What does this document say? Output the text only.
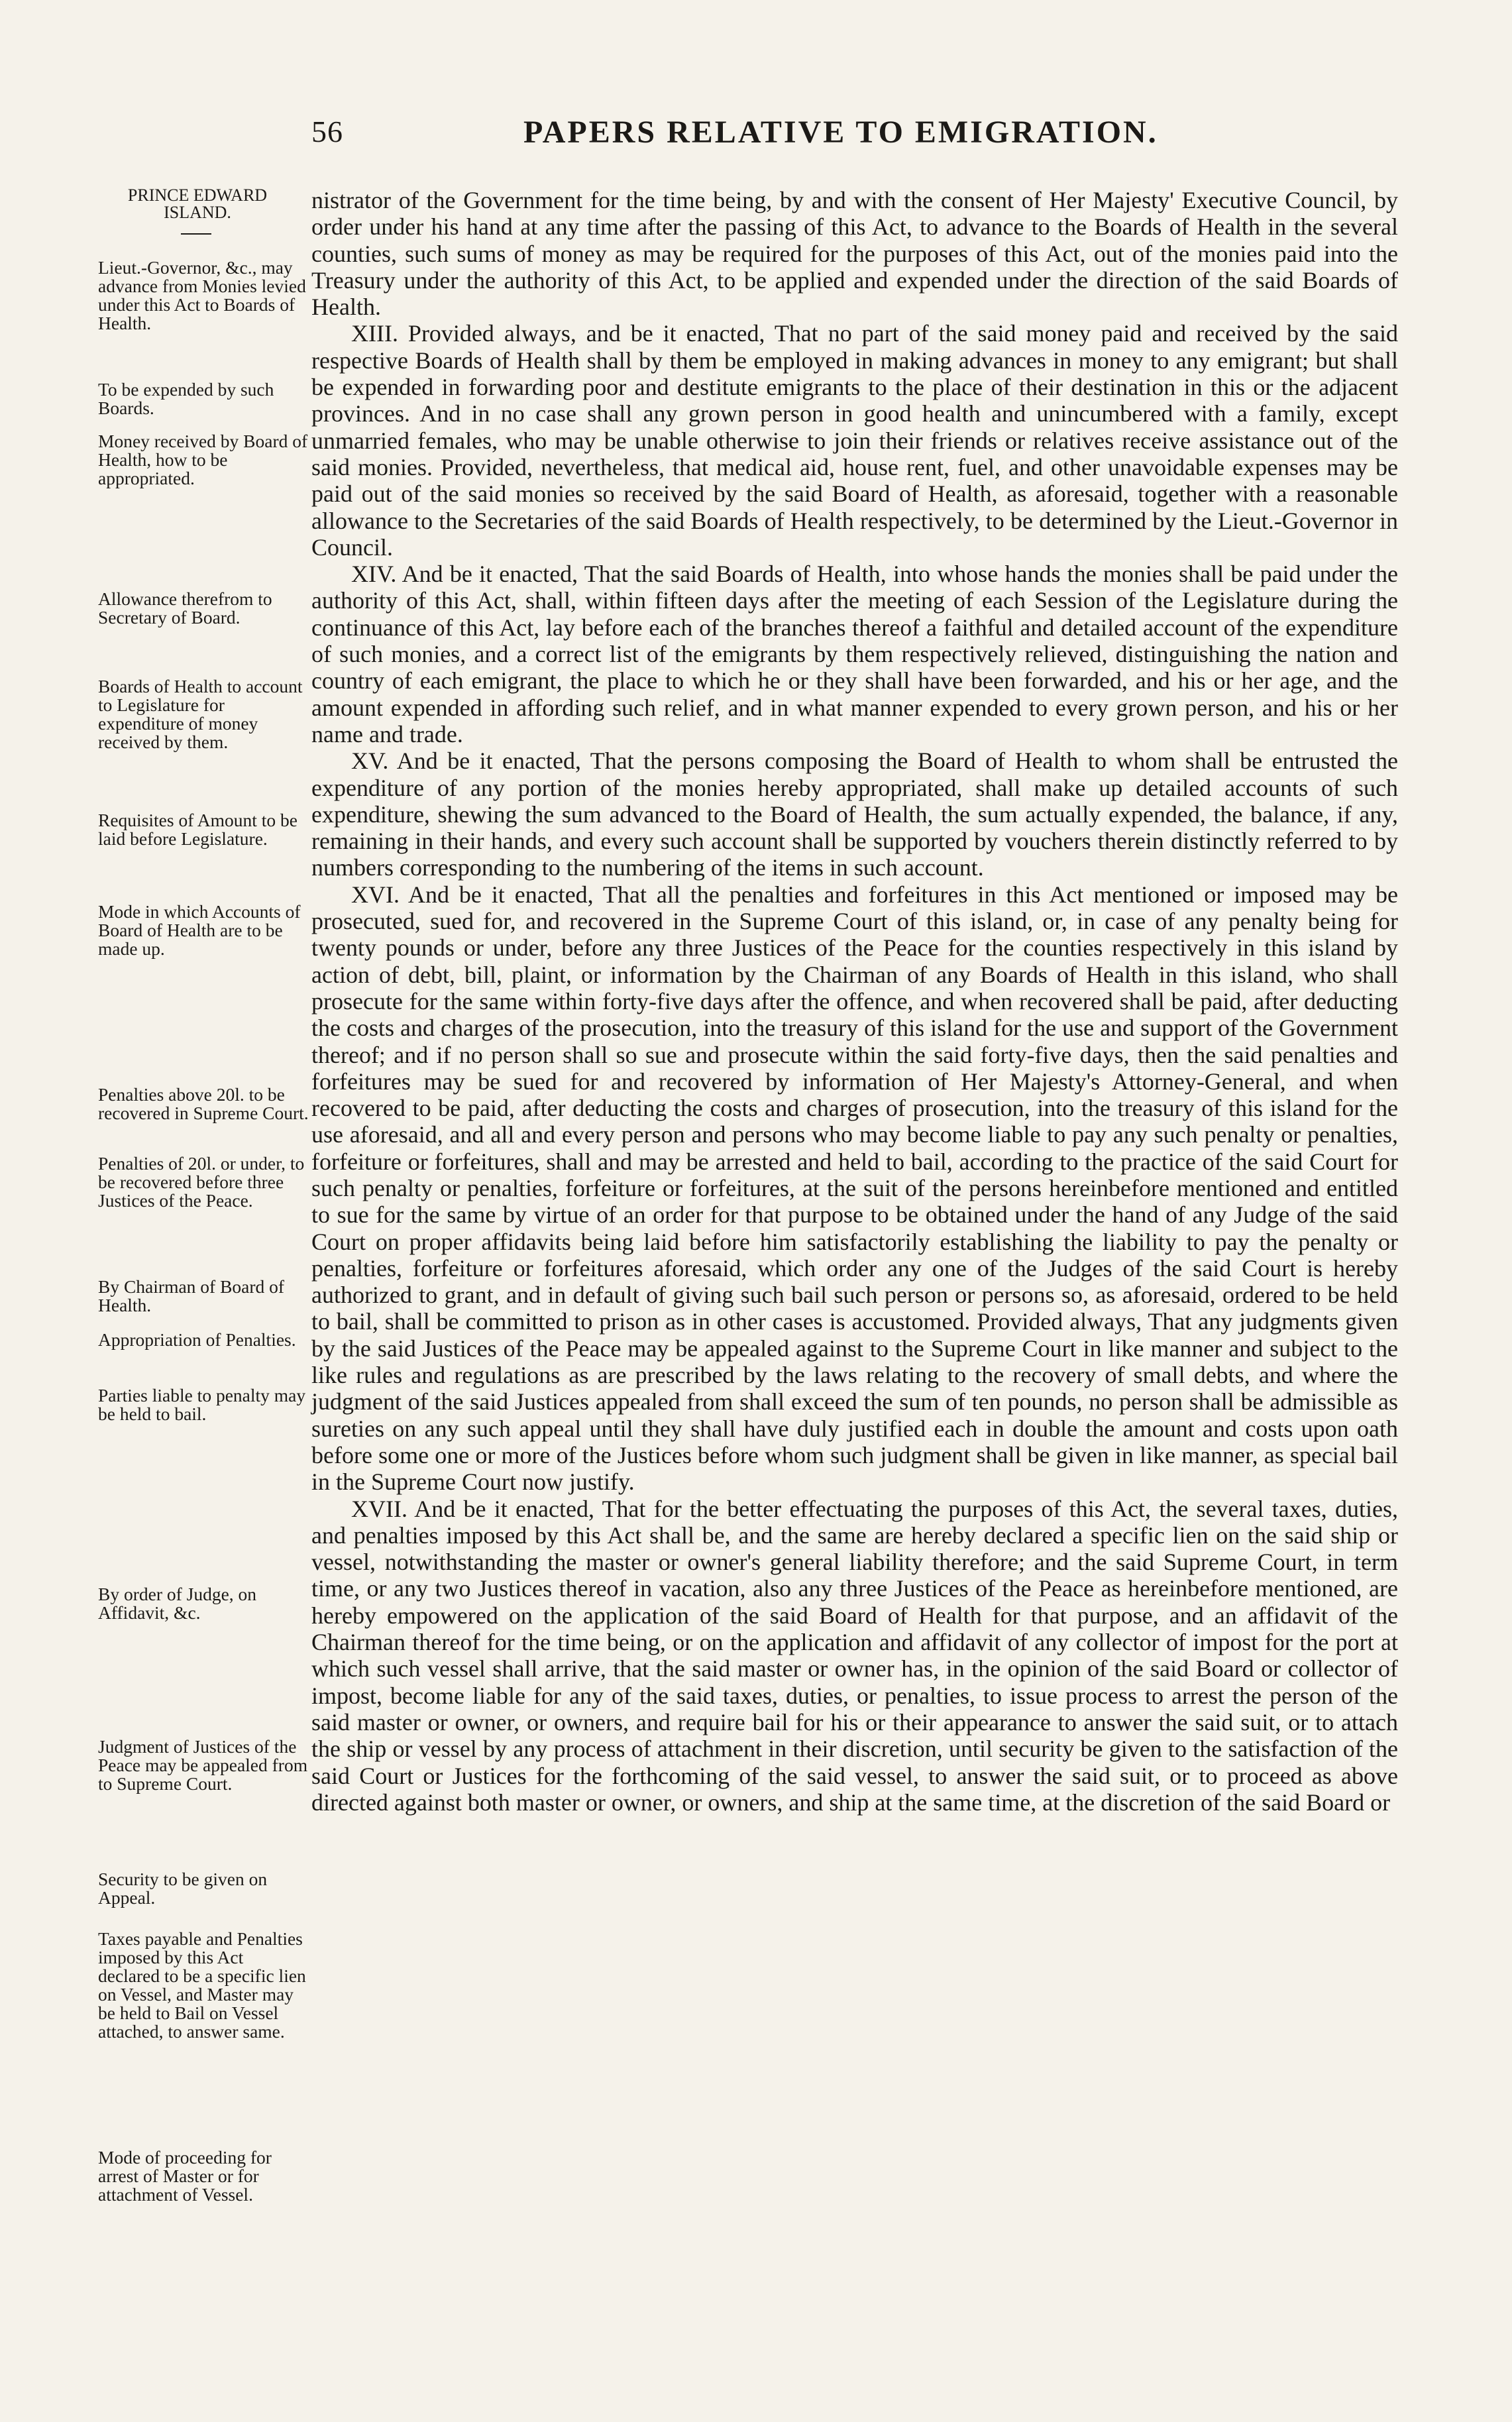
56	PAPERS RELATIVE TO EMIGRATION.
PRINCE EDWARD
ISLAND.
Lieut.-Governor, &c., may advance from Monies levied under this Act to Boards of Health.
To be expended by such Boards.
Money received by Board of Health, how to be appropriated.
Allowance therefrom to Secretary of Board.
Boards of Health to account to Legislature for expenditure of money received by them.
Requisites of Amount to be laid before Legislature.
Mode in which Accounts of Board of Health are to be made up.
Penalties above 20l. to be recovered in Supreme Court.
Penalties of 20l. or under, to be recovered before three Justices of the Peace.
By Chairman of Board of Health.
Appropriation of Penalties.
Parties liable to penalty may be held to bail.
By order of Judge, on Affidavit, &c.
Judgment of Justices of the Peace may be appealed from to Supreme Court.
Security to be given on Appeal.
Taxes payable and Penalties imposed by this Act declared to be a specific lien on Vessel, and Master may be held to Bail on Vessel attached, to answer same.
Mode of proceeding for arrest of Master or for attachment of Vessel.

nistrator of the Government for the time being, by and with the consent of Her Majesty' Executive Council, by order under his hand at any time after the passing of this Act, to advance to the Boards of Health in the several counties, such sums of money as may be required for the purposes of this Act, out of the monies paid into the Treasury under the authority of this Act, to be applied and expended under the direction of the said Boards of Health.

XIII. Provided always, and be it enacted, That no part of the said money paid and received by the said respective Boards of Health shall by them be employed in making advances in money to any emigrant; but shall be expended in forwarding poor and destitute emigrants to the place of their destination in this or the adjacent provinces. And in no case shall any grown person in good health and unincumbered with a family, except unmarried females, who may be unable otherwise to join their friends or relatives receive assistance out of the said monies. Provided, nevertheless, that medical aid, house rent, fuel, and other unavoidable expenses may be paid out of the said monies so received by the said Board of Health, as aforesaid, together with a reasonable allowance to the Secretaries of the said Boards of Health respectively, to be determined by the Lieut.-Governor in Council.

XIV. And be it enacted, That the said Boards of Health, into whose hands the monies shall be paid under the authority of this Act, shall, within fifteen days after the meeting of each Session of the Legislature during the continuance of this Act, lay before each of the branches thereof a faithful and detailed account of the expenditure of such monies, and a correct list of the emigrants by them respectively relieved, distinguishing the nation and country of each emigrant, the place to which he or they shall have been forwarded, and his or her age, and the amount expended in affording such relief, and in what manner expended to every grown person, and his or her name and trade.

XV. And be it enacted, That the persons composing the Board of Health to whom shall be entrusted the expenditure of any portion of the monies hereby appropriated, shall make up detailed accounts of such expenditure, shewing the sum advanced to the Board of Health, the sum actually expended, the balance, if any, remaining in their hands, and every such account shall be supported by vouchers therein distinctly referred to by numbers corresponding to the numbering of the items in such account.

XVI. And be it enacted, That all the penalties and forfeitures in this Act mentioned or imposed may be prosecuted, sued for, and recovered in the Supreme Court of this island, or, in case of any penalty being for twenty pounds or under, before any three Justices of the Peace for the counties respectively in this island by action of debt, bill, plaint, or information by the Chairman of any Boards of Health in this island, who shall prosecute for the same within forty-five days after the offence, and when recovered shall be paid, after deducting the costs and charges of the prosecution, into the treasury of this island for the use and support of the Government thereof; and if no person shall so sue and prosecute within the said forty-five days, then the said penalties and forfeitures may be sued for and recovered by information of Her Majesty's Attorney-General, and when recovered to be paid, after deducting the costs and charges of prosecution, into the treasury of this island for the use aforesaid, and all and every person and persons who may become liable to pay any such penalty or penalties, forfeiture or forfeitures, shall and may be arrested and held to bail, according to the practice of the said Court for such penalty or penalties, forfeiture or forfeitures, at the suit of the persons hereinbefore mentioned and entitled to sue for the same by virtue of an order for that purpose to be obtained under the hand of any Judge of the said Court on proper affidavits being laid before him satisfactorily establishing the liability to pay the penalty or penalties, forfeiture or forfeitures aforesaid, which order any one of the Judges of the said Court is hereby authorized to grant, and in default of giving such bail such person or persons so, as aforesaid, ordered to be held to bail, shall be committed to prison as in other cases is accustomed. Provided always, That any judgments given by the said Justices of the Peace may be appealed against to the Supreme Court in like manner and subject to the like rules and regulations as are prescribed by the laws relating to the recovery of small debts, and where the judgment of the said Justices appealed from shall exceed the sum of ten pounds, no person shall be admissible as sureties on any such appeal until they shall have duly justified each in double the amount and costs upon oath before some one or more of the Justices before whom such judgment shall be given in like manner, as special bail in the Supreme Court now justify.

XVII. And be it enacted, That for the better effectuating the purposes of this Act, the several taxes, duties, and penalties imposed by this Act shall be, and the same are hereby declared a specific lien on the said ship or vessel, notwithstanding the master or owner's general liability therefore; and the said Supreme Court, in term time, or any two Justices thereof in vacation, also any three Justices of the Peace as hereinbefore mentioned, are hereby empowered on the application of the said Board of Health for that purpose, and an affidavit of the Chairman thereof for the time being, or on the application and affidavit of any collector of impost for the port at which such vessel shall arrive, that the said master or owner has, in the opinion of the said Board or collector of impost, become liable for any of the said taxes, duties, or penalties, to issue process to arrest the person of the said master or owner, or owners, and require bail for his or their appearance to answer the said suit, or to attach the ship or vessel by any process of attachment in their discretion, until security be given to the satisfaction of the said Court or Justices for the forthcoming of the said vessel, to answer the said suit, or to proceed as above directed against both master or owner, or owners, and ship at the same time, at the discretion of the said Board or
